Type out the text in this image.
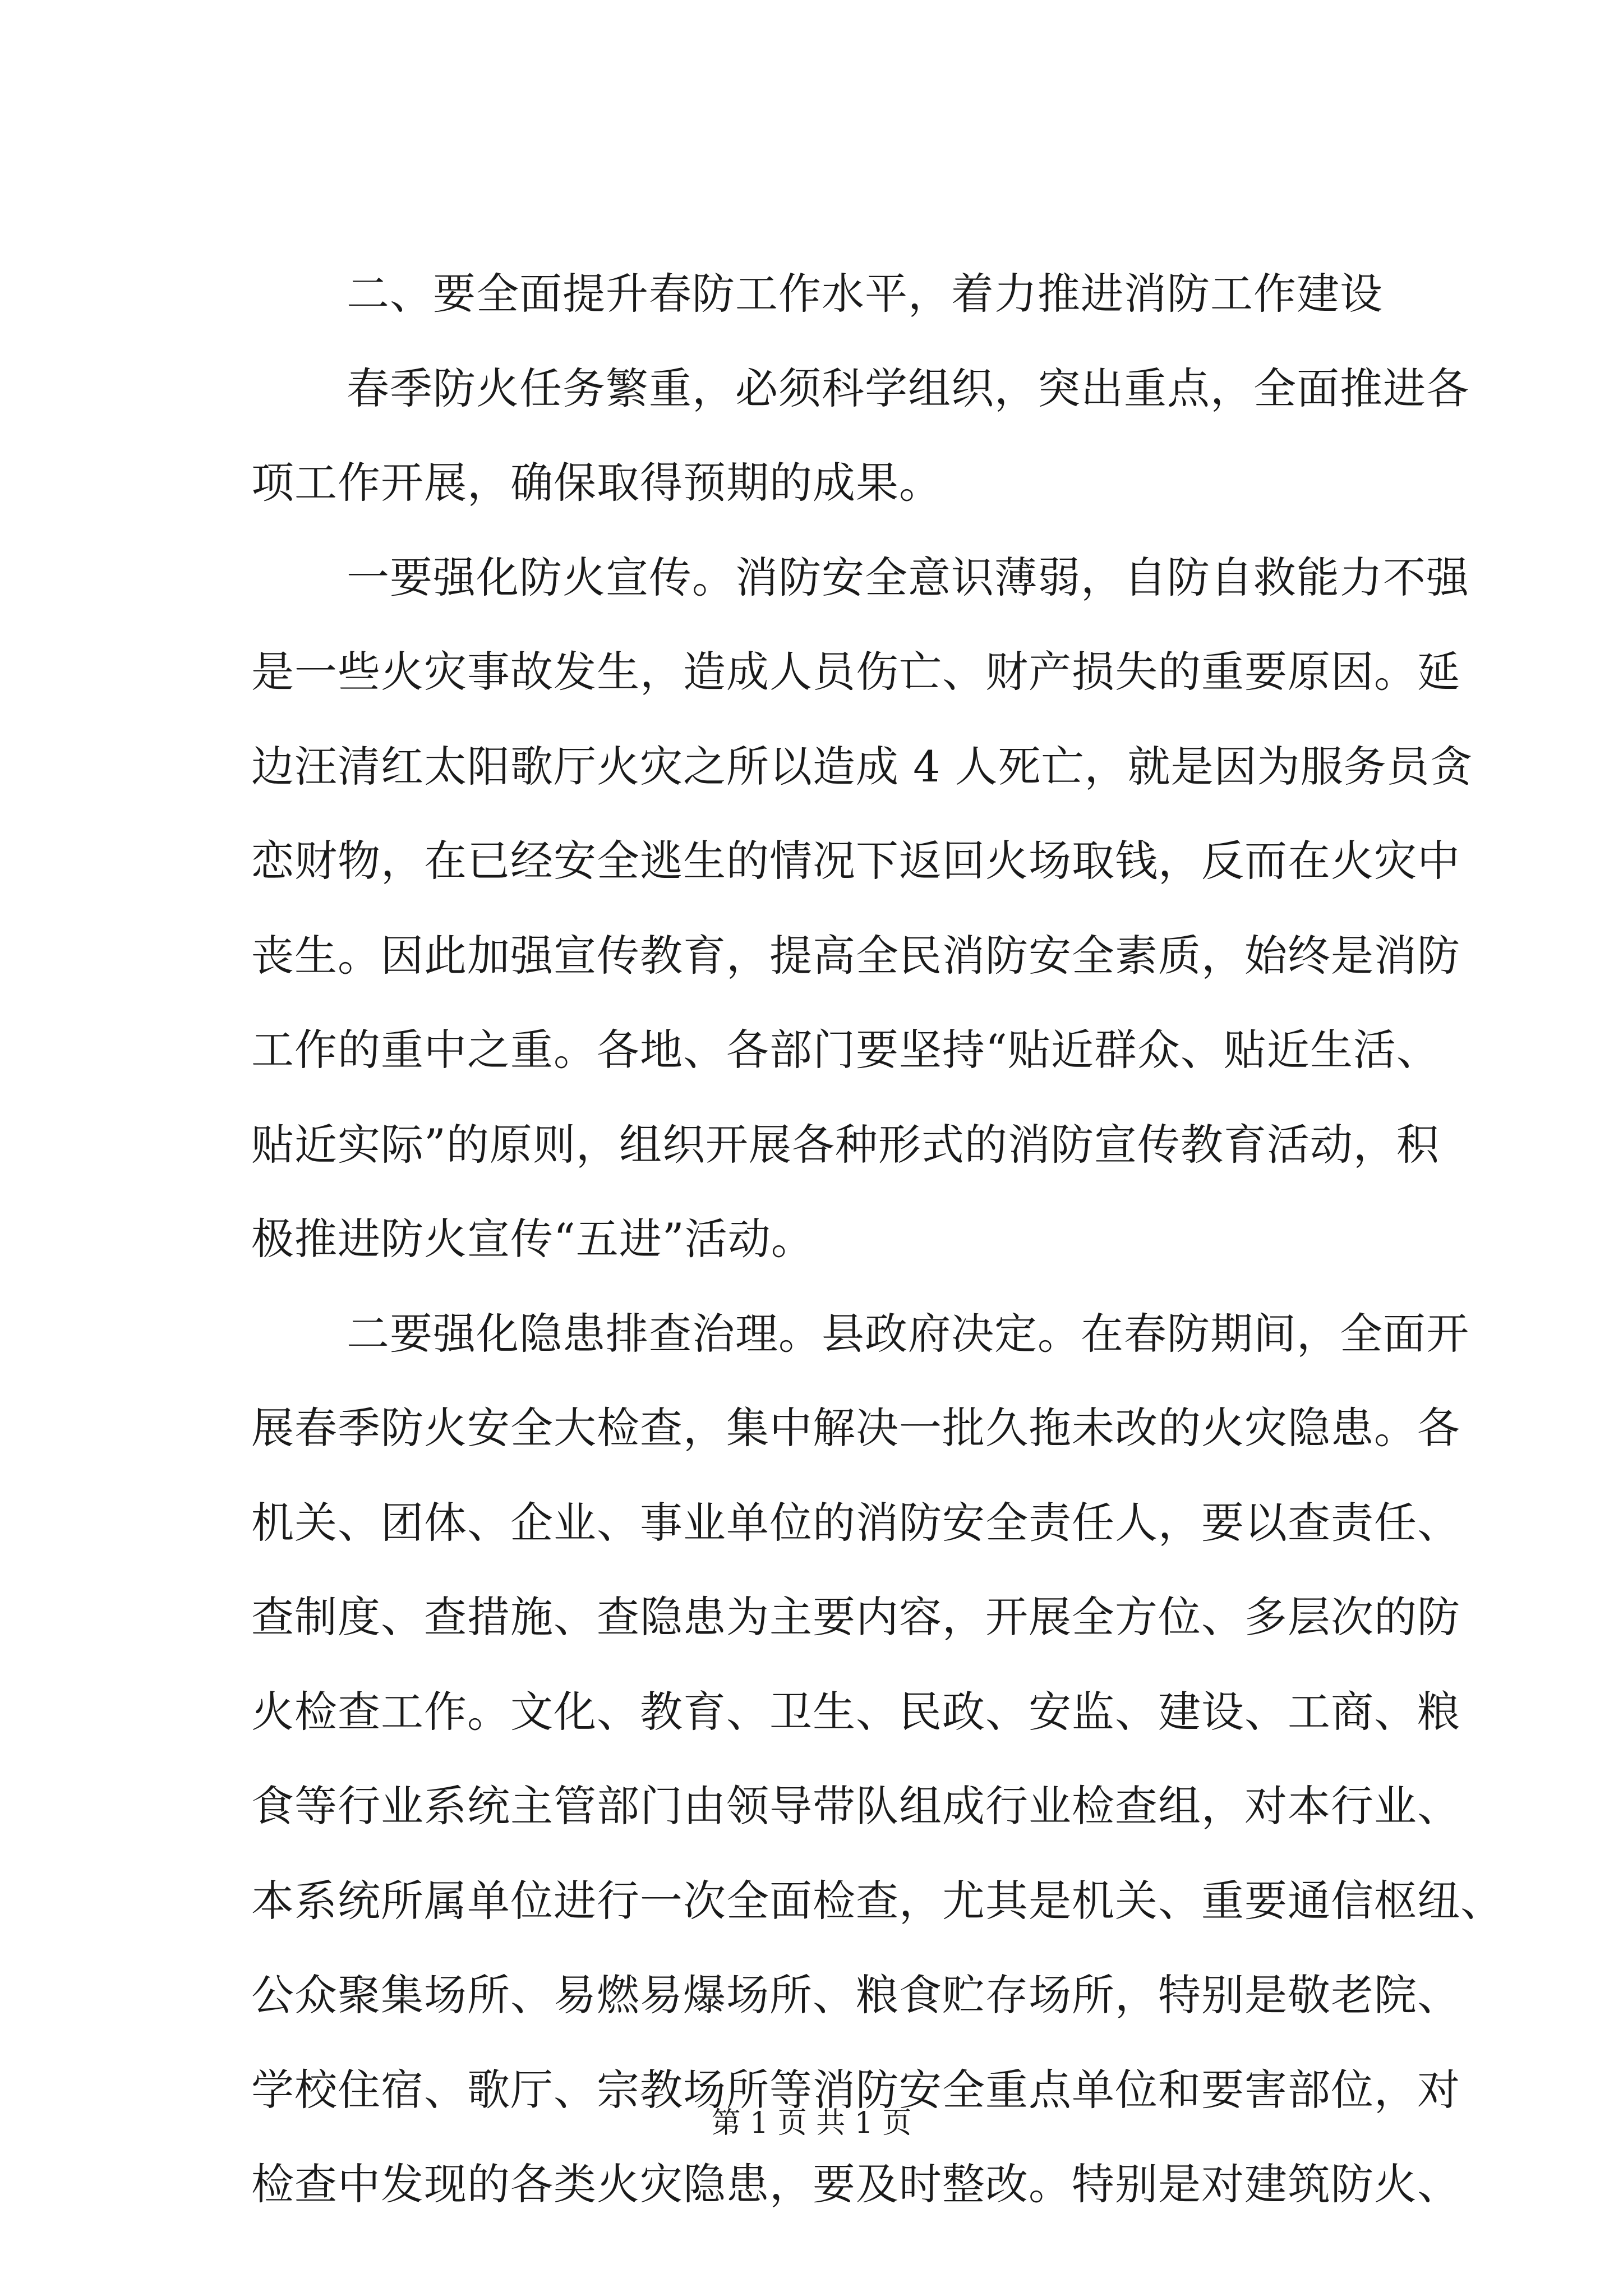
二、要全面提升春防工作水平，着力推进消防工作建设
春季防火任务繁重，必须科学组织，突出重点，全面推进各
项工作开展，确保取得预期的成果。
一要强化防火宣传。消防安全意识薄弱，自防自救能力不强
是一些火灾事故发生，造成人员伤亡、财产损失的重要原因。延
边汪清红太阳歌厅火灾之所以造成 4 人死亡，就是因为服务员贪
恋财物，在已经安全逃生的情况下返回火场取钱，反而在火灾中
丧生。因此加强宣传教育，提高全民消防安全素质，始终是消防
工作的重中之重。各地、各部门要坚持“贴近群众、贴近生活、
贴近实际”的原则，组织开展各种形式的消防宣传教育活动，积
极推进防火宣传“五进”活动。
二要强化隐患排查治理。县政府决定。在春防期间，全面开
展春季防火安全大检查，集中解决一批久拖未改的火灾隐患。各
机关、团体、企业、事业单位的消防安全责任人，要以查责任、
查制度、查措施、查隐患为主要内容，开展全方位、多层次的防
火检查工作。文化、教育、卫生、民政、安监、建设、工商、粮
食等行业系统主管部门由领导带队组成行业检查组，对本行业、
本系统所属单位进行一次全面检查，尤其是机关、重要通信枢纽、
公众聚集场所、易燃易爆场所、粮食贮存场所，特别是敬老院、
学校住宿、歌厅、宗教场所等消防安全重点单位和要害部位，对
检查中发现的各类火灾隐患，要及时整改。特别是对建筑防火、
第 1 页 共 1 页
